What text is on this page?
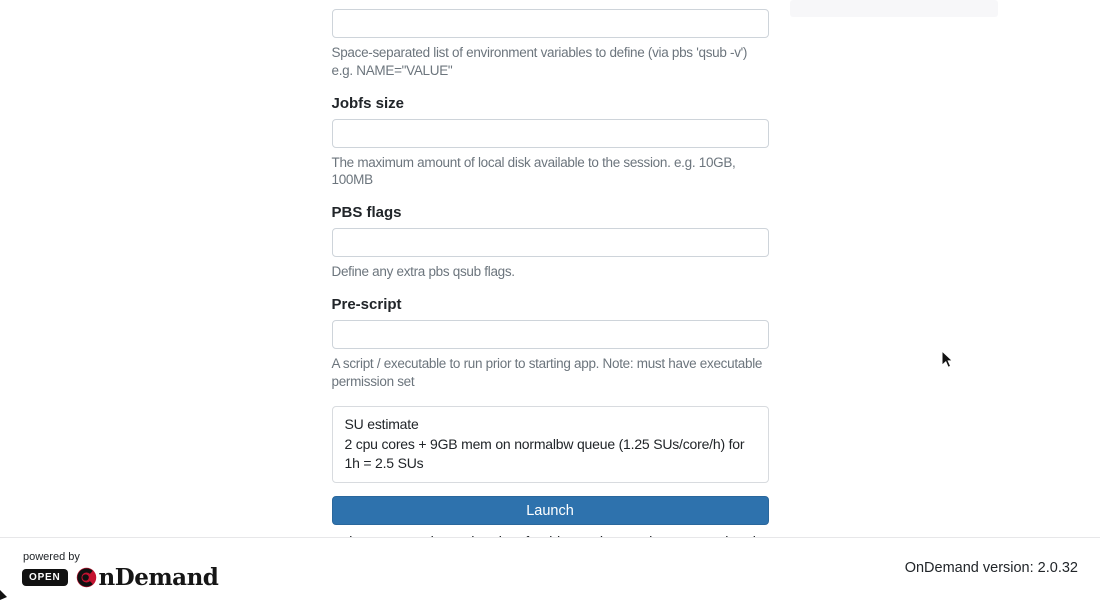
Space-separated list of environment variables to define (via pbs 'qsub -v') e.g. NAME="VALUE"
Jobfs size
The maximum amount of local disk available to the session. e.g. 10GB, 100MB
PBS flags
Define any extra pbs qsub flags.
Pre-script
A script / executable to run prior to starting app. Note: must have executable permission set
SU estimate
2 cpu cores + 9GB mem on normalbw queue (1.25 SUs/core/h) for 1h = 2.5 SUs
Launch

powered by
OPEN	nDemand	OnDemand version: 2.0.32
